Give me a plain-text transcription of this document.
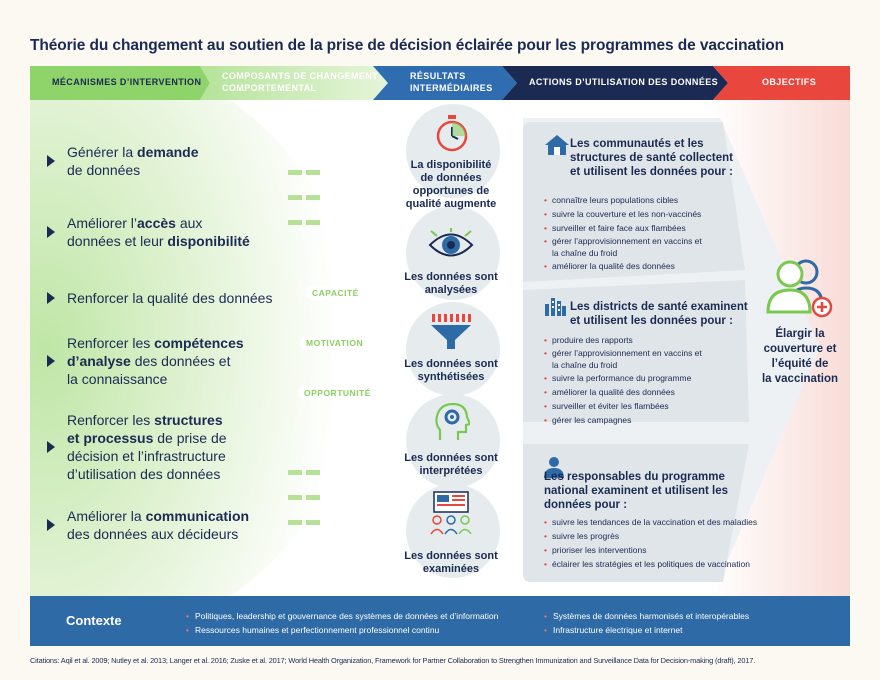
Théorie du changement au soutien de la prise de décision éclairée pour les programmes de vaccination
MÉCANISMES D’INTERVENTION
COMPOSANTS DE CHANGEMENT
COMPORTEMENTAL
RÉSULTATS
INTERMÉDIAIRES
ACTIONS D’UTILISATION DES DONNÉES	OBJECTIFS
Générer la demande
de données
Améliorer l’accès aux
données et leur disponibilité
Renforcer la qualité des données
Renforcer les compétences
d’analyse des données et
la connaissance
Renforcer les structures
et processus de prise de
décision et l’infrastructure
d’utilisation des données
Améliorer la communication
des données aux décideurs
CAPACITÉ
MOTIVATION
OPPORTUNITÉ
La disponibilité
de données
opportunes de
qualité augmente
Les données sont
analysées
Les données sont
synthétisées
Les données sont
interprétées
Les données sont
examinées
Les communautés et les
structures de santé collectent
et utilisent les données pour :
• connaître leurs populations cibles
• suivre la couverture et les non-vaccinés
• surveiller et faire face aux flambées
• gérer l’approvisionnement en vaccins et
la chaîne du froid
• améliorer la qualité des données
Les districts de santé examinent
et utilisent les données pour :
• produire des rapports
• gérer l’approvisionnement en vaccins et
la chaîne du froid
• suivre la performance du programme
• améliorer la qualité des données
• surveiller et éviter les flambées
• gérer les campagnes
Les responsables du programme
national examinent et utilisent les
données pour :
• suivre les tendances de la vaccination et des maladies
• suivre les progrès
• prioriser les interventions
• éclairer les stratégies et les politiques de vaccination
Élargir la
couverture et
l’équité de
la vaccination
Contexte
•	Politiques, leadership et gouvernance des systèmes de données et d’information
• Ressources humaines et perfectionnement professionnel continu
• Systèmes de données harmonisés et interopérables
• Infrastructure électrique et internet
Citations: Aqil et al. 2009; Nutley et al. 2013; Langer et al. 2016; Zuske et al. 2017; World Health Organization, Framework for Partner Collaboration to Strengthen Immunization and Surveillance Data for Decision-making (draft), 2017.
